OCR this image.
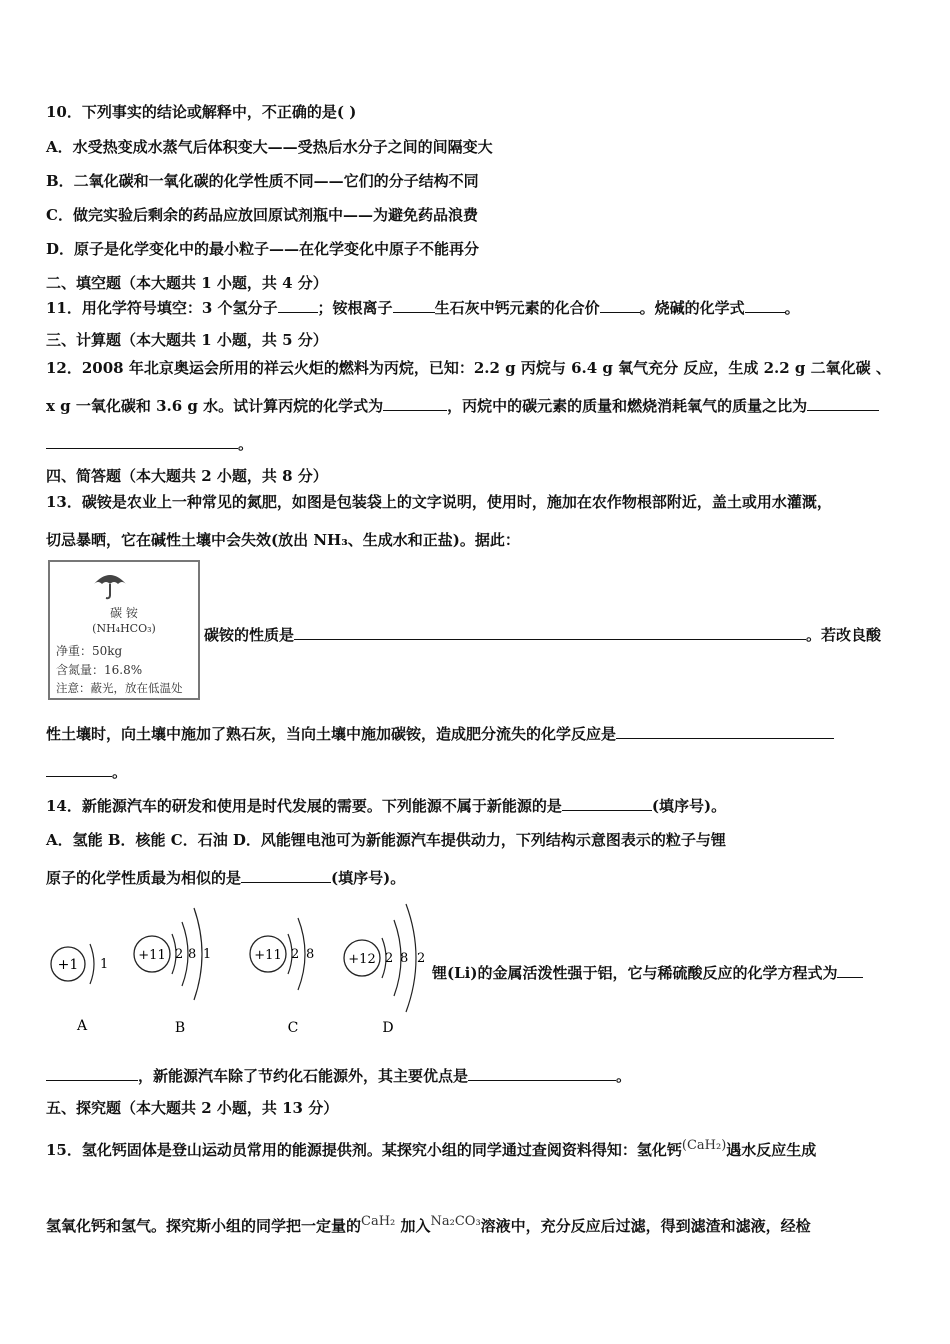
10．下列事实的结论或解释中，不正确的是( )
A．水受热变成水蒸气后体积变大——受热后水分子之间的间隔变大
B．二氧化碳和一氧化碳的化学性质不同——它们的分子结构不同
C．做完实验后剩余的药品应放回原试剂瓶中——为避免药品浪费
D．原子是化学变化中的最小粒子——在化学变化中原子不能再分
二、填空题（本大题共 1 小题，共 4 分）
11．用化学符号填空：3 个氢分子	；铵根离子	生石灰中钙元素的化合价	。烧碱的化学式	。
三、计算题（本大题共 1 小题，共 5 分）
12．2008 年北京奥运会所用的祥云火炬的燃料为丙烷，已知：2.2 g 丙烷与 6.4 g 氧气充分 反应，生成 2.2 g 二氧化碳 、
x g 一氧化碳和 3.6 g 水。试计算丙烷的化学式为	，丙烷中的碳元素的质量和燃烧消耗氧气的质量之比为
。
四、简答题（本大题共 2 小题，共 8 分）
13．碳铵是农业上一种常见的氮肥，如图是包装袋上的文字说明，使用时，施加在农作物根部附近，盖土或用水灌溉，
切忌暴晒，它在碱性土壤中会失效(放出 NH₃、生成水和正盐)。据此：
碳 铵
(NH₄HCO₃)
净重：50kg
含氮量：16.8%
注意：蔽光，放在低温处
碳铵的性质是	。若改良酸
性土壤时，向土壤中施加了熟石灰，当向土壤中施加碳铵，造成肥分流失的化学反应是
。
14．新能源汽车的研发和使用是时代发展的需要。下列能源不属于新能源的是	(填序号)。
A．氢能 B．核能 C．石油 D．风能锂电池可为新能源汽车提供动力，下列结构示意图表示的粒子与锂
原子的化学性质最为相似的是	(填序号)。
+1 1
A
+11 2 8 1
B
+11 2 8
C
+12 2 8 2
D
锂(Li)的金属活泼性强于铝，它与稀硫酸反应的化学方程式为
，新能源汽车除了节约化石能源外，其主要优点是	。
五、探究题（本大题共 2 小题，共 13 分）
15．氢化钙固体是登山运动员常用的能源提供剂。某探究小组的同学通过查阅资料得知：氢化钙(CaH₂)遇水反应生成
氢氧化钙和氢气。探究斯小组的同学把一定量的CaH₂ 加入Na₂CO₃溶液中，充分反应后过滤，得到滤渣和滤液，经检
